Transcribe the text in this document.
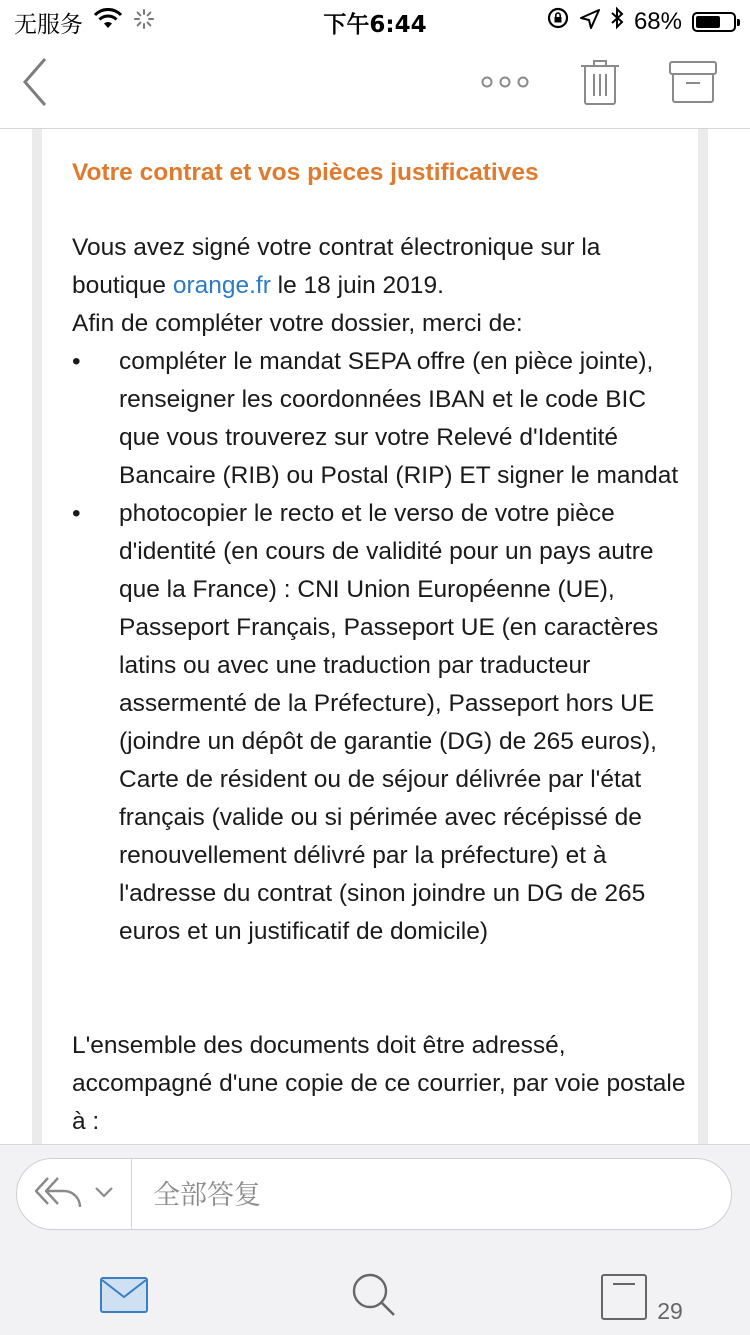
无服务	下午6:44	68%
Votre contrat et vos pièces justificatives
Vous avez signé votre contrat électronique sur la
boutique orange.fr le 18 juin 2019.
Afin de compléter votre dossier, merci de:
• compléter le mandat SEPA offre (en pièce jointe), renseigner les coordonnées IBAN et le code BIC que vous trouverez sur votre Relevé d'Identité Bancaire (RIB) ou Postal (RIP) ET signer le mandat
• photocopier le recto et le verso de votre pièce d'identité (en cours de validité pour un pays autre que la France) : CNI Union Européenne (UE), Passeport Français, Passeport UE (en caractères latins ou avec une traduction par traducteur assermenté de la Préfecture), Passeport hors UE (joindre un dépôt de garantie (DG) de 265 euros), Carte de résident ou de séjour délivrée par l'état français (valide ou si périmée avec récépissé de renouvellement délivré par la préfecture) et à l'adresse du contrat (sinon joindre un DG de 265 euros et un justificatif de domicile)
L'ensemble des documents doit être adressé, accompagné d'une copie de ce courrier, par voie postale à :
全部答复
29
